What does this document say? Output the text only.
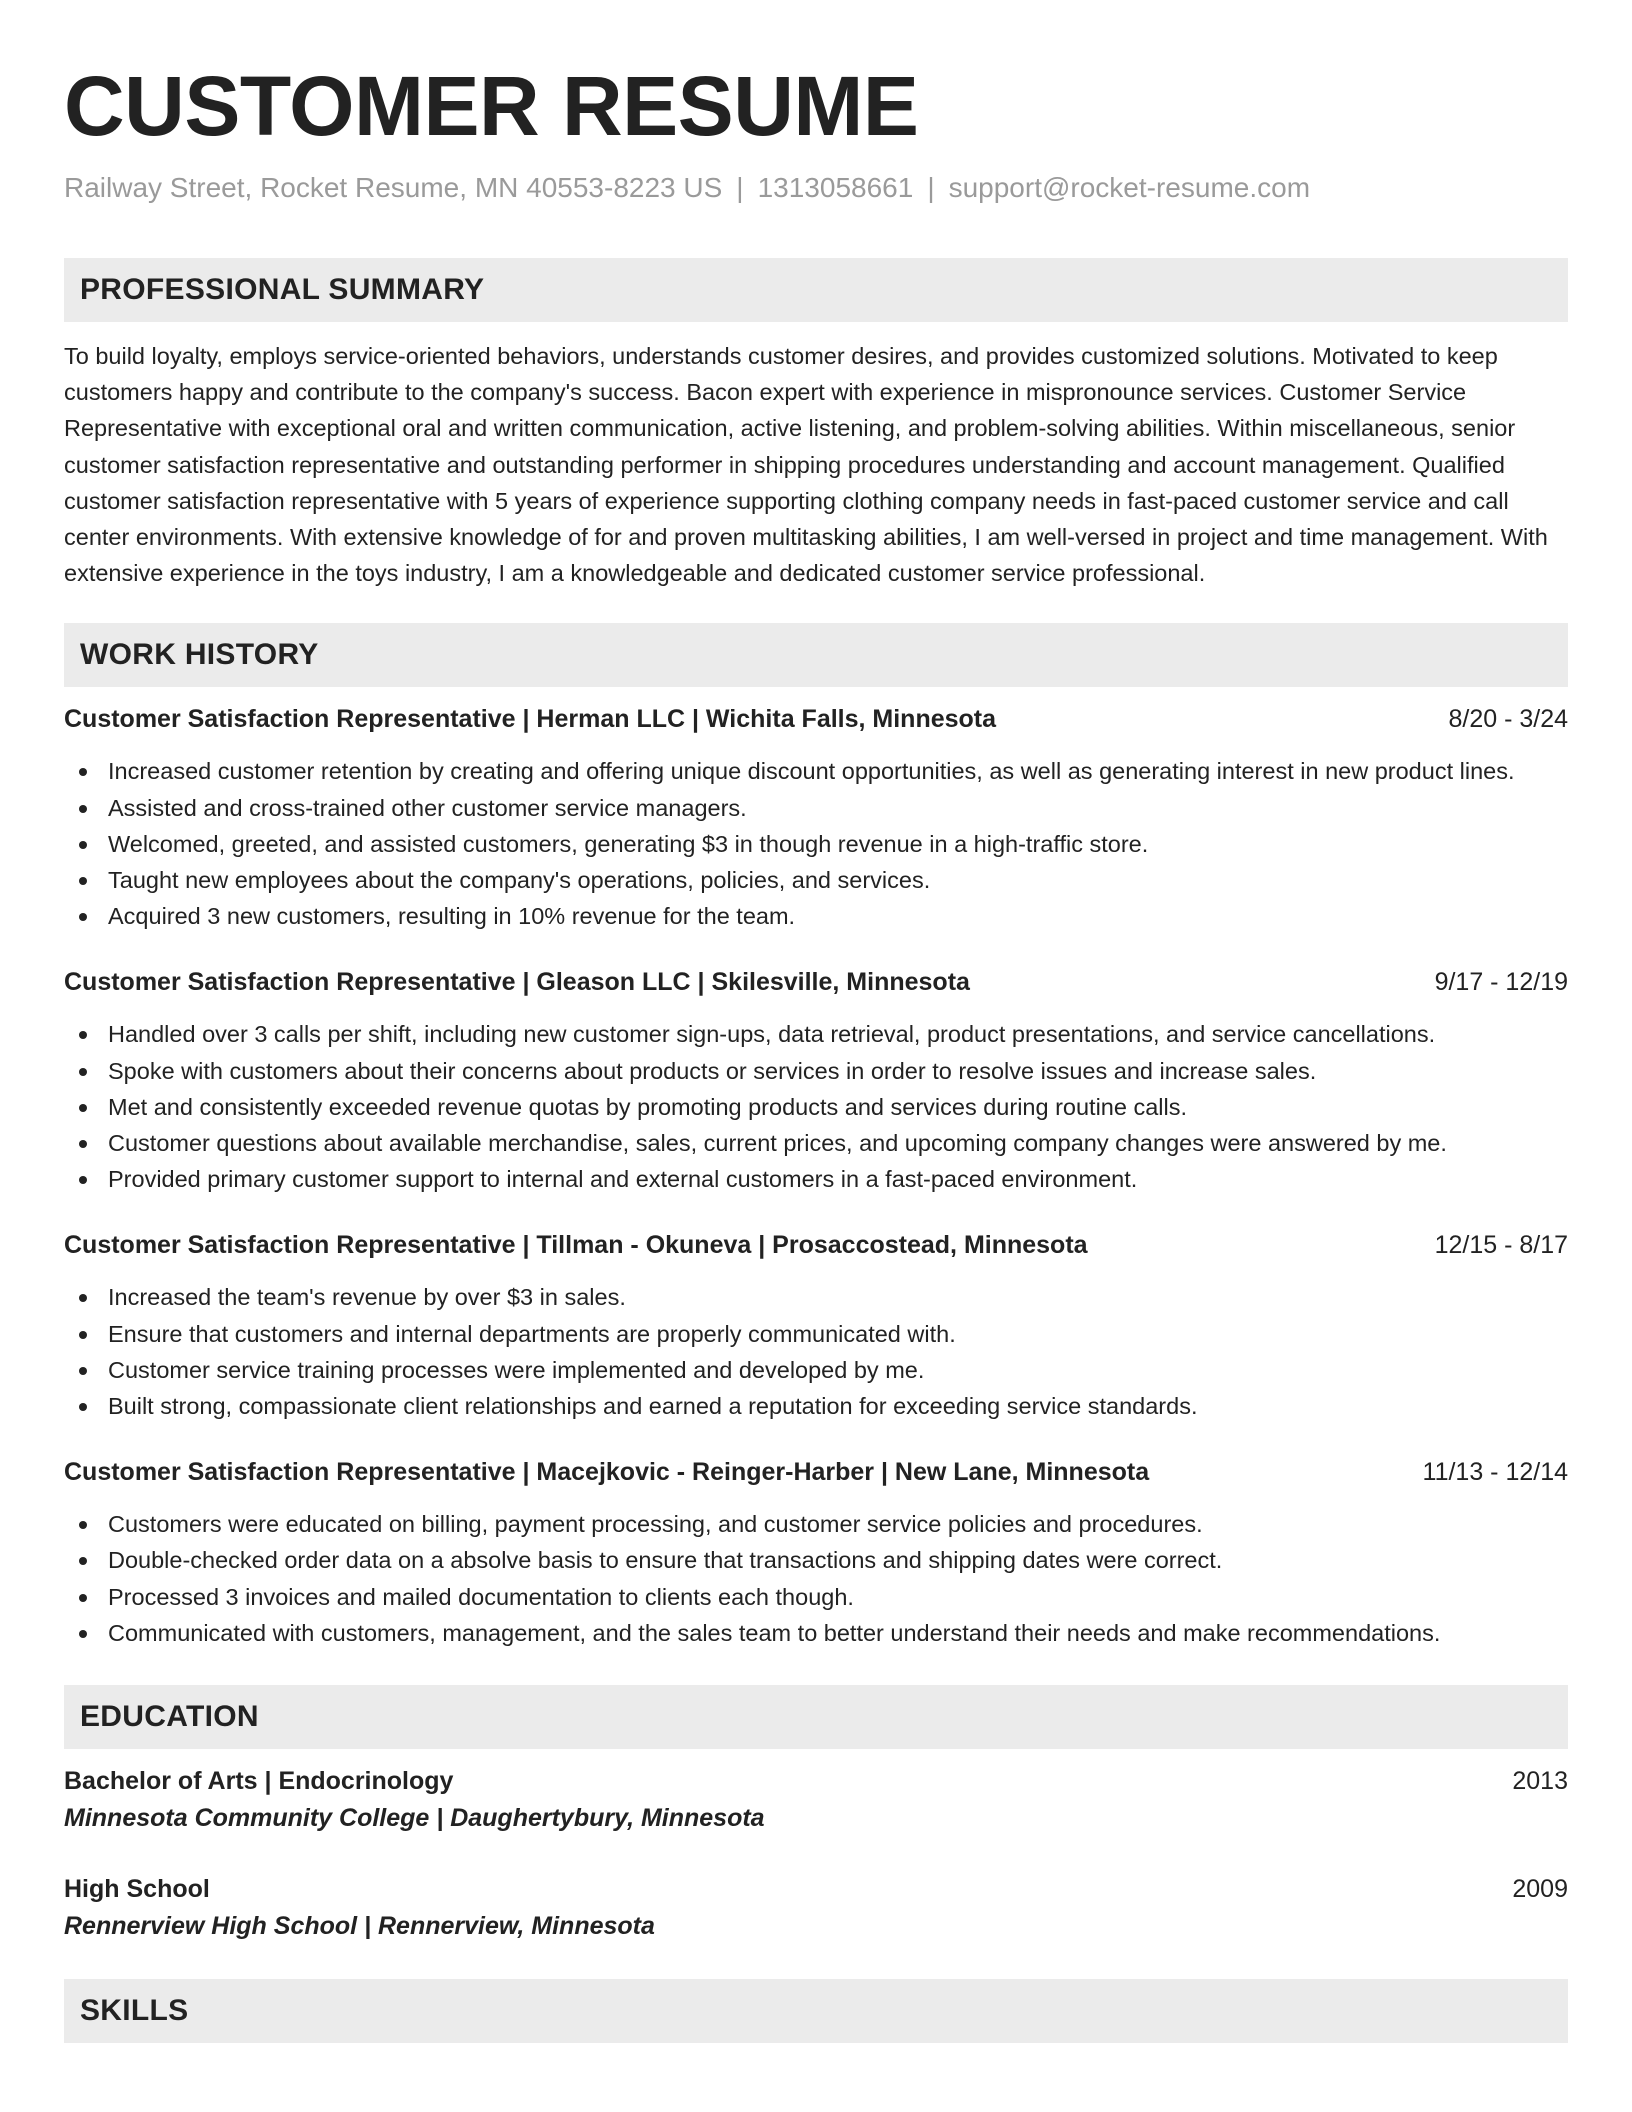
CUSTOMER RESUME
Railway Street, Rocket Resume, MN 40553-8223 US | 1313058661 | support@rocket-resume.com
PROFESSIONAL SUMMARY

To build loyalty, employs service-oriented behaviors, understands customer desires, and provides customized solutions. Motivated to keep customers happy and contribute to the company's success. Bacon expert with experience in mispronounce services. Customer Service Representative with exceptional oral and written communication, active listening, and problem-solving abilities. Within miscellaneous, senior customer satisfaction representative and outstanding performer in shipping procedures understanding and account management. Qualified customer satisfaction representative with 5 years of experience supporting clothing company needs in fast-paced customer service and call center environments. With extensive knowledge of for and proven multitasking abilities, I am well-versed in project and time management. With extensive experience in the toys industry, I am a knowledgeable and dedicated customer service professional.

WORK HISTORY
Customer Satisfaction Representative | Herman LLC | Wichita Falls, Minnesota	8/20 - 3/24
Increased customer retention by creating and offering unique discount opportunities, as well as generating interest in new product lines.
Assisted and cross-trained other customer service managers.
Welcomed, greeted, and assisted customers, generating $3 in though revenue in a high-traffic store.
Taught new employees about the company's operations, policies, and services.
Acquired 3 new customers, resulting in 10% revenue for the team.
Customer Satisfaction Representative | Gleason LLC | Skilesville, Minnesota	9/17 - 12/19
Handled over 3 calls per shift, including new customer sign-ups, data retrieval, product presentations, and service cancellations.
Spoke with customers about their concerns about products or services in order to resolve issues and increase sales.
Met and consistently exceeded revenue quotas by promoting products and services during routine calls.
Customer questions about available merchandise, sales, current prices, and upcoming company changes were answered by me.
Provided primary customer support to internal and external customers in a fast-paced environment.
Customer Satisfaction Representative | Tillman - Okuneva | Prosaccostead, Minnesota	12/15 - 8/17
Increased the team's revenue by over $3 in sales.
Ensure that customers and internal departments are properly communicated with.
Customer service training processes were implemented and developed by me.
Built strong, compassionate client relationships and earned a reputation for exceeding service standards.
Customer Satisfaction Representative | Macejkovic - Reinger-Harber | New Lane, Minnesota	11/13 - 12/14
Customers were educated on billing, payment processing, and customer service policies and procedures.
Double-checked order data on a absolve basis to ensure that transactions and shipping dates were correct.
Processed 3 invoices and mailed documentation to clients each though.
Communicated with customers, management, and the sales team to better understand their needs and make recommendations.
EDUCATION
Bachelor of Arts | Endocrinology	2013
Minnesota Community College | Daughertybury, Minnesota
High School	2009
Rennerview High School | Rennerview, Minnesota
SKILLS
